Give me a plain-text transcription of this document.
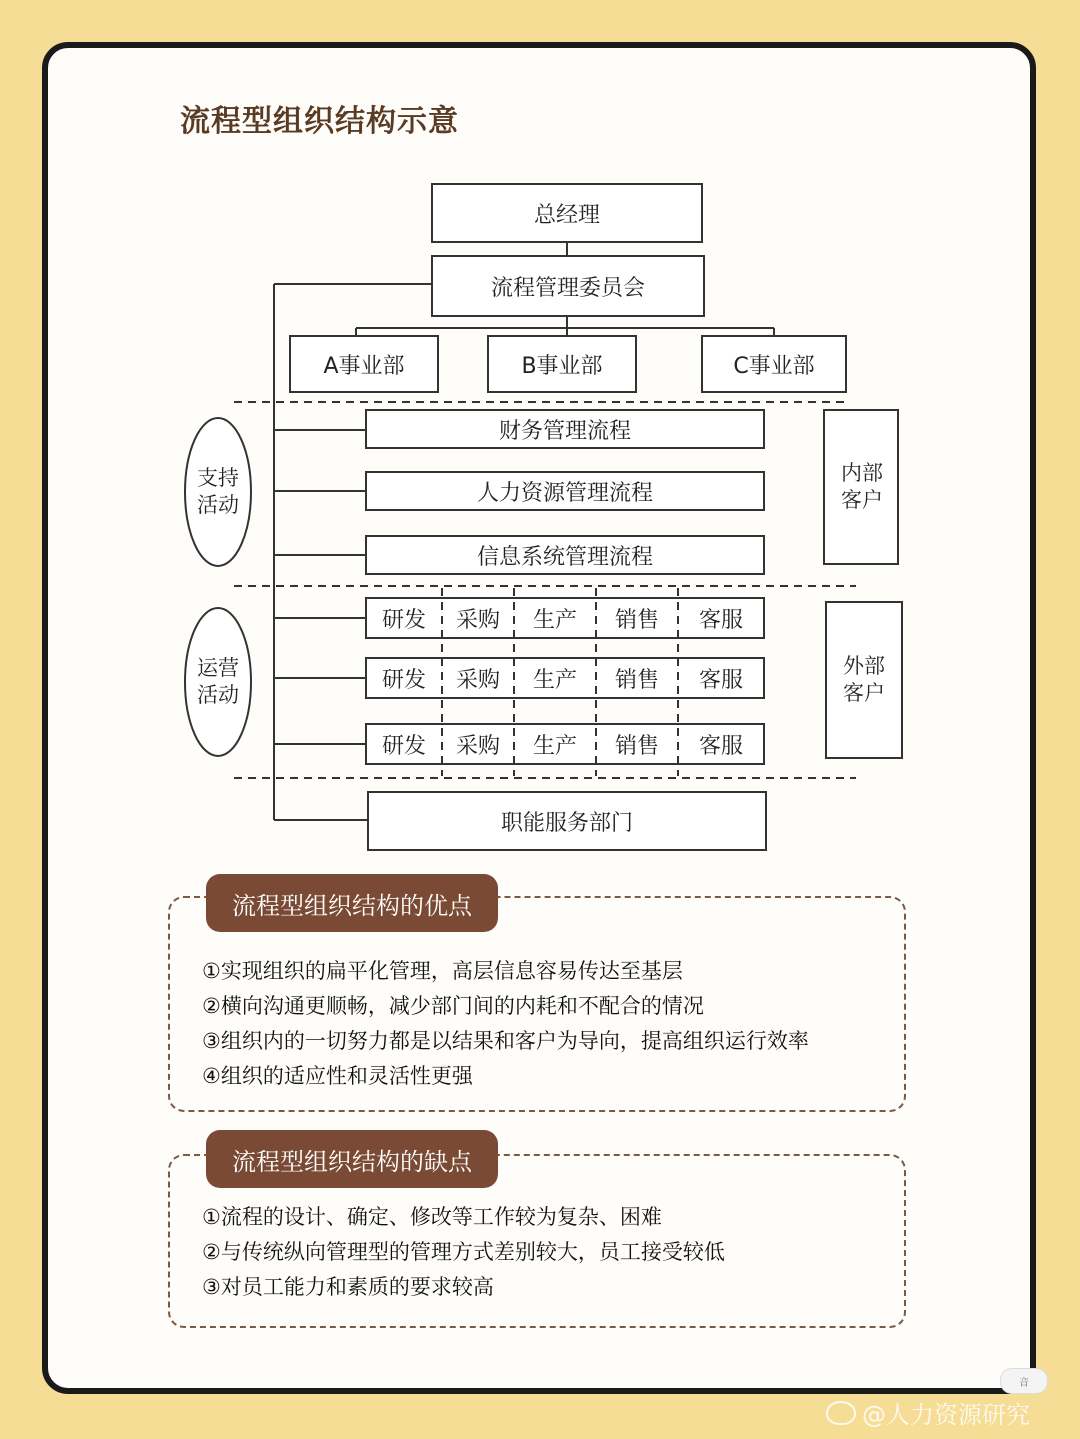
流程型组织结构示意
总经理
流程管理委员会
A事业部	B事业部	C事业部
财务管理流程
人力资源管理流程
信息系统管理流程
支持活动
运营活动
内部客户
外部客户
研发	采购	生产	销售	客服
研发	采购	生产	销售	客服
研发	采购	生产	销售	客服
职能服务部门
流程型组织结构的优点
①实现组织的扁平化管理，高层信息容易传达至基层
②横向沟通更顺畅，减少部门间的内耗和不配合的情况
③组织内的一切努力都是以结果和客户为导向，提高组织运行效率
④组织的适应性和灵活性更强
流程型组织结构的缺点
①流程的设计、确定、修改等工作较为复杂、困难
②与传统纵向管理型的管理方式差别较大，员工接受较低
③对员工能力和素质的要求较高
音
@人力资源研究
